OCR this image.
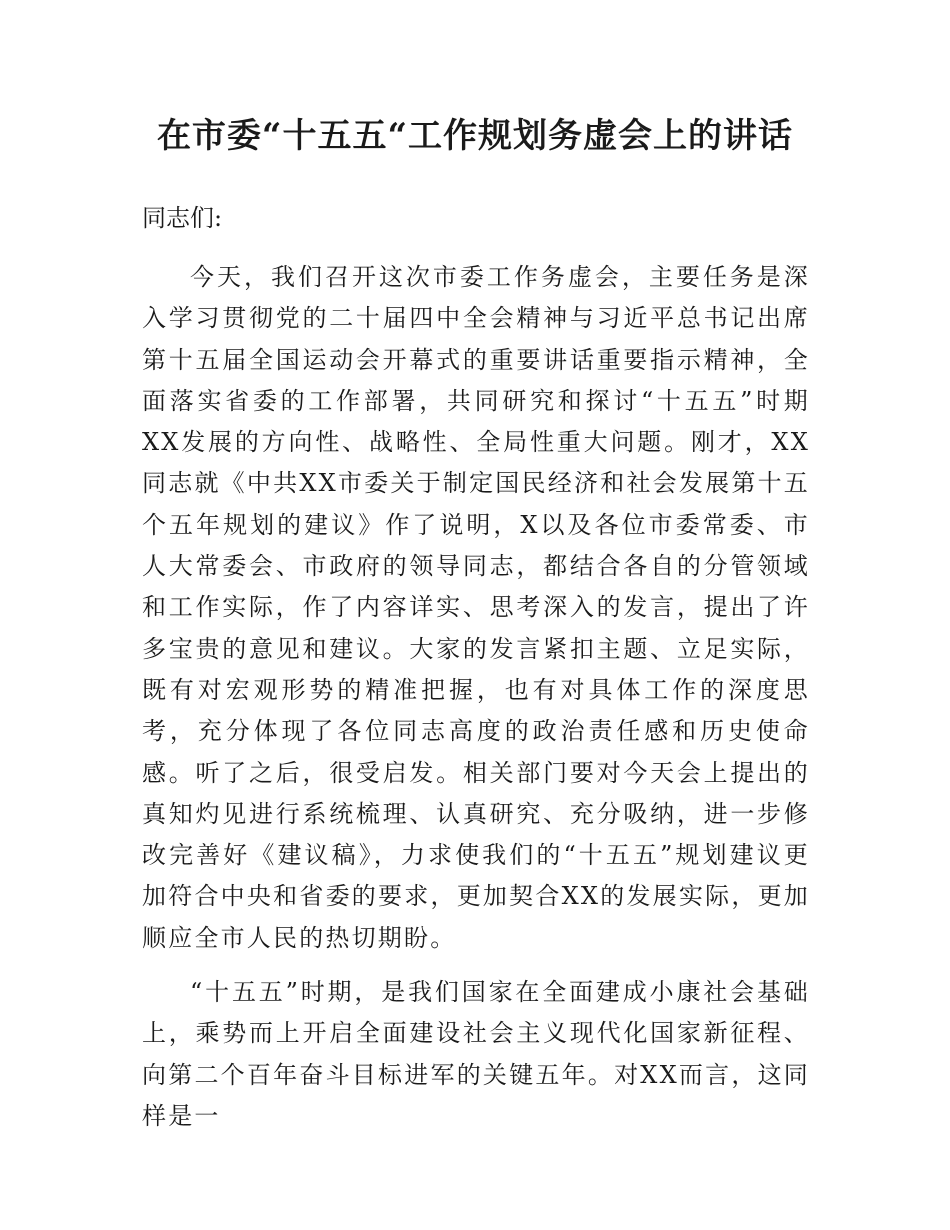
在市委“十五五“工作规划务虚会上的讲话

同志们:

今天，我们召开这次市委工作务虚会，主要任务是深入学习贯彻党的二十届四中全会精神与习近平总书记出席第十五届全国运动会开幕式的重要讲话重要指示精神，全面落实省委的工作部署，共同研究和探讨“十五五”时期XX发展的方向性、战略性、全局性重大问题。刚才，XX同志就《中共XX市委关于制定国民经济和社会发展第十五个五年规划的建议》作了说明，X以及各位市委常委、市人大常委会、市政府的领导同志，都结合各自的分管领域和工作实际，作了内容详实、思考深入的发言，提出了许多宝贵的意见和建议。大家的发言紧扣主题、立足实际，既有对宏观形势的精准把握，也有对具体工作的深度思考，充分体现了各位同志高度的政治责任感和历史使命感。听了之后，很受启发。相关部门要对今天会上提出的真知灼见进行系统梳理、认真研究、充分吸纳，进一步修改完善好《建议稿》，力求使我们的“十五五”规划建议更加符合中央和省委的要求，更加契合XX的发展实际，更加顺应全市人民的热切期盼。

“十五五”时期，是我们国家在全面建成小康社会基础上，乘势而上开启全面建设社会主义现代化国家新征程、向第二个百年奋斗目标进军的关键五年。对XX而言，这同样是一
